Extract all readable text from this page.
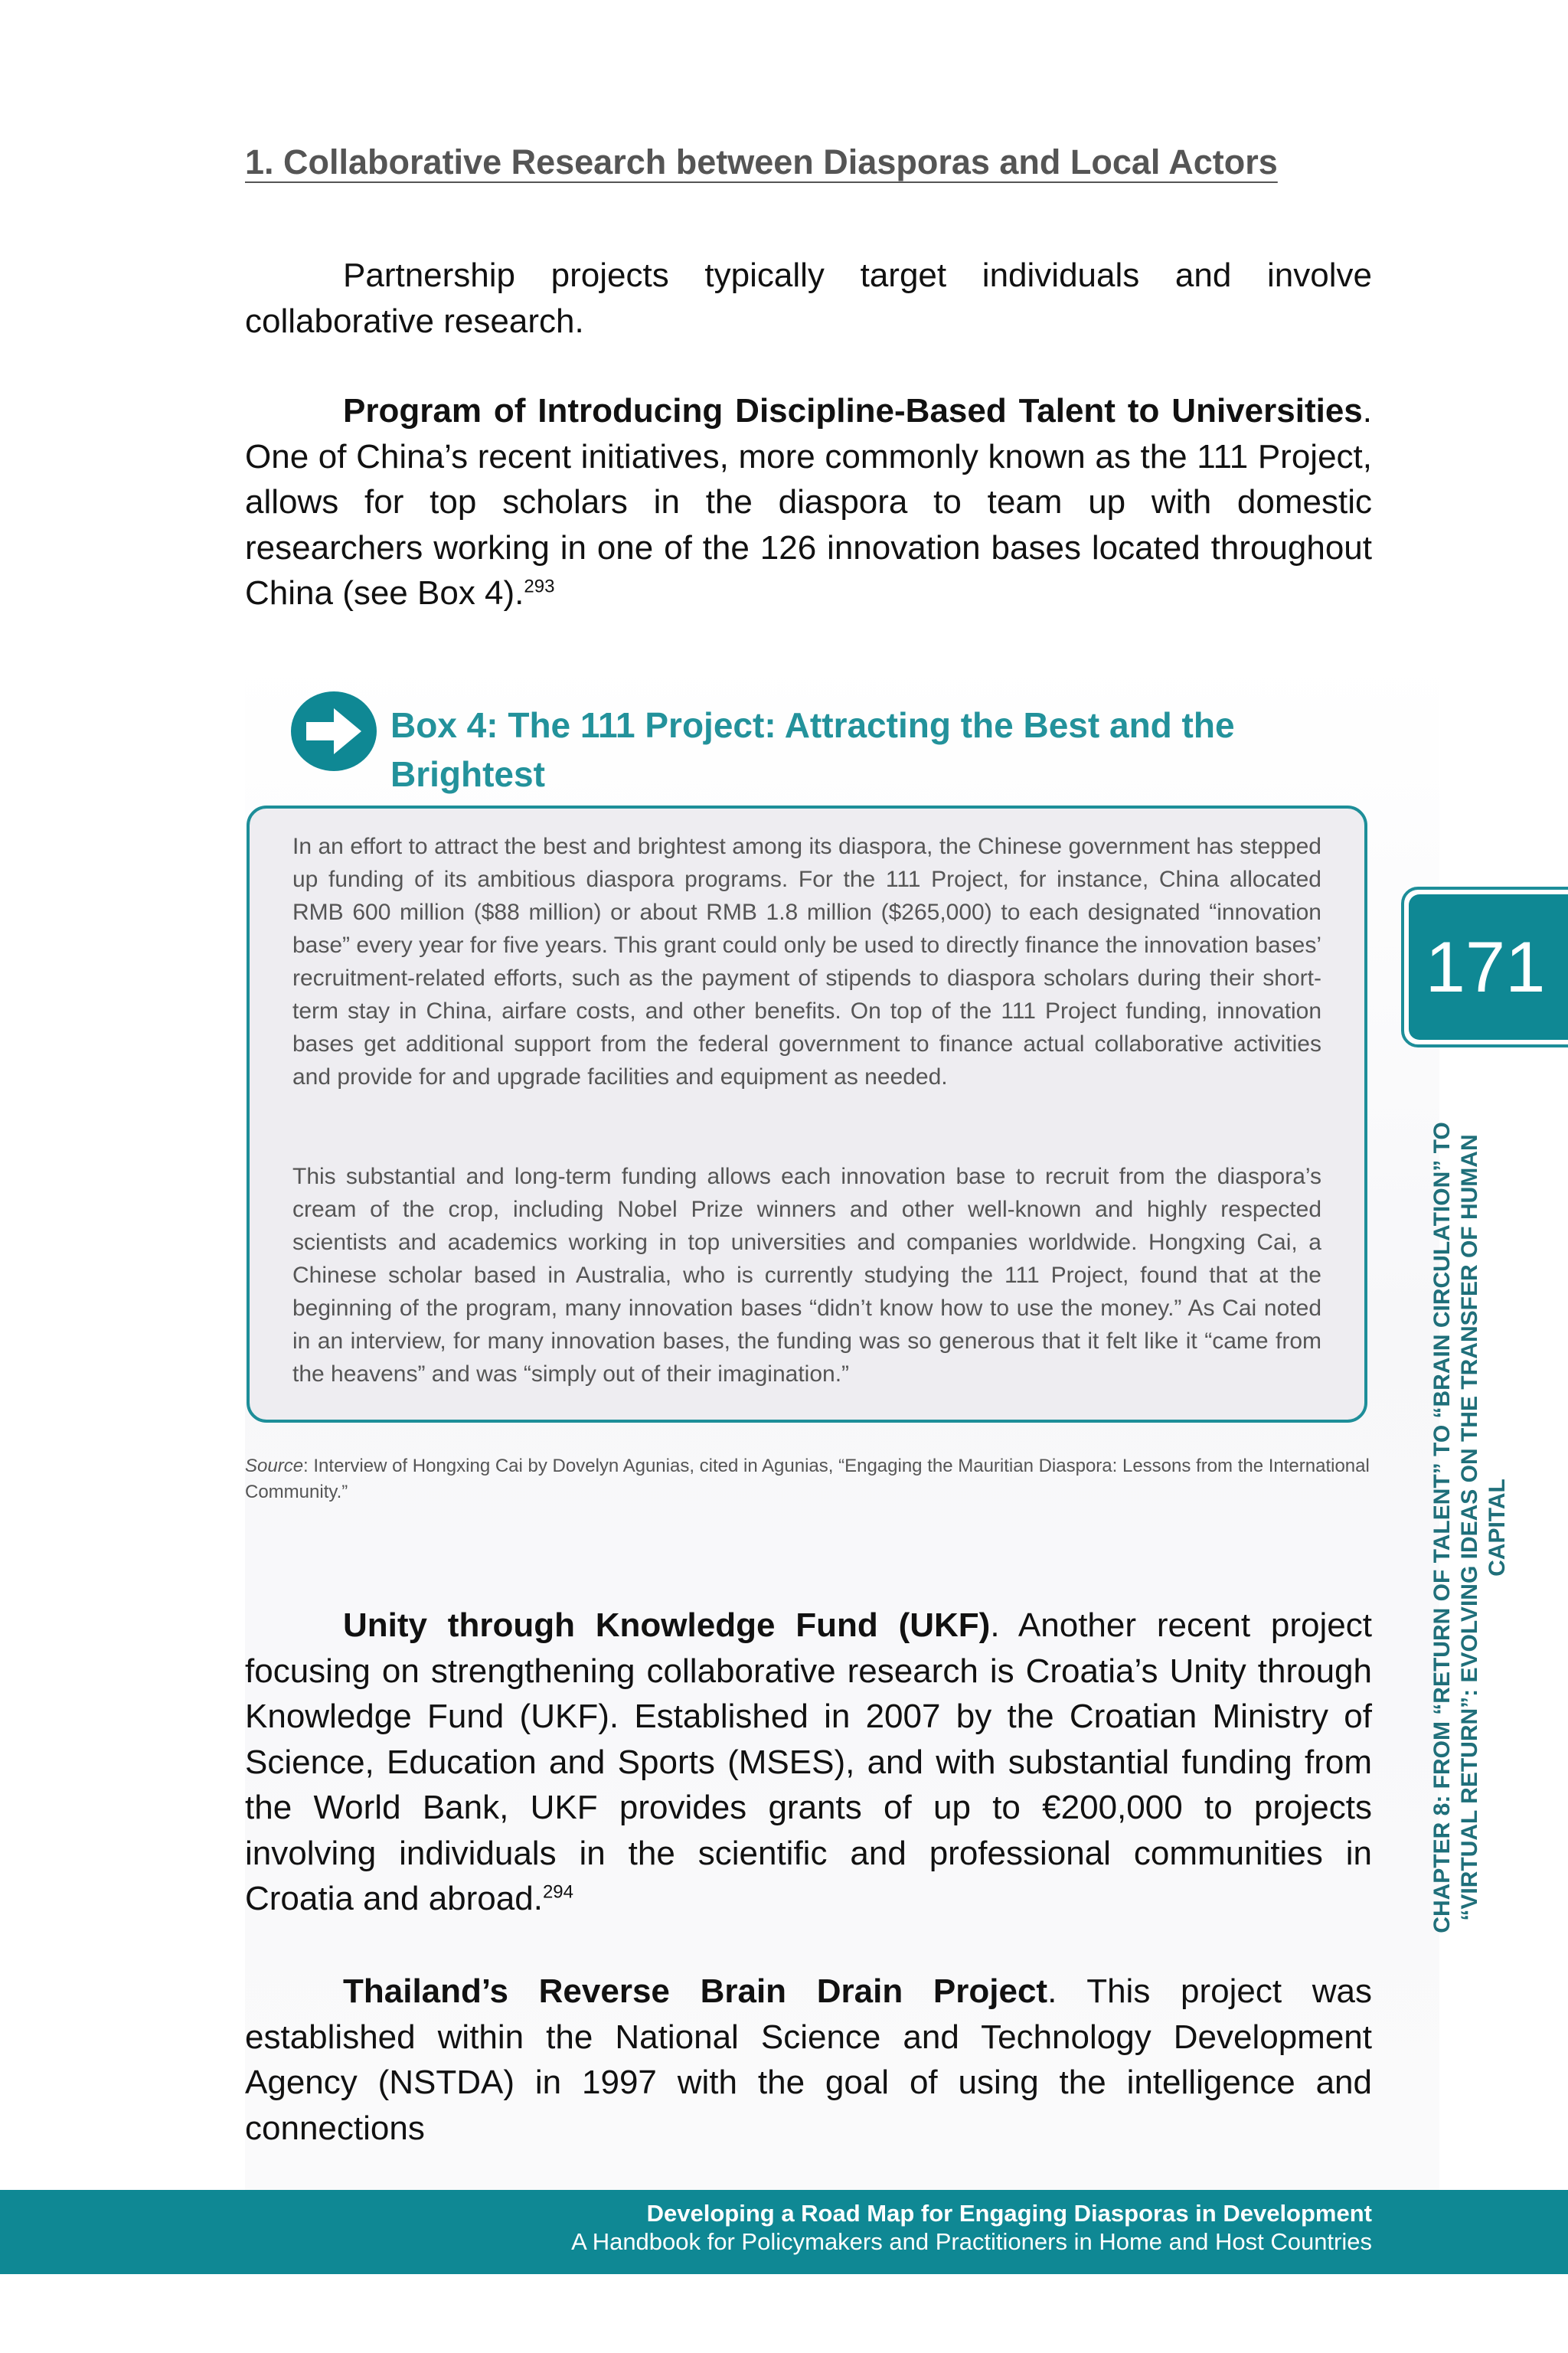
1. Collaborative Research between Diasporas and Local Actors
Partnership projects typically target individuals and involve collaborative research.
Program of Introducing Discipline-Based Talent to Universities. One of China’s recent initiatives, more commonly known as the 111 Project, allows for top scholars in the diaspora to team up with domestic researchers working in one of the 126 innovation bases located throughout China (see Box 4).$^{293}$
Box 4: The 111 Project: Attracting the Best and the Brightest
In an effort to attract the best and brightest among its diaspora, the Chinese government has stepped up funding of its ambitious diaspora programs. For the 111 Project, for instance, China allocated RMB 600 million ($88 million) or about RMB 1.8 million ($265,000) to each designated “innovation base” every year for five years. This grant could only be used to directly finance the innovation bases’ recruitment-related efforts, such as the payment of stipends to diaspora scholars during their short-term stay in China, airfare costs, and other benefits. On top of the 111 Project funding, innovation bases get additional support from the federal government to finance actual collaborative activities and provide for and upgrade facilities and equipment as needed.
This substantial and long-term funding allows each innovation base to recruit from the diaspora’s cream of the crop, including Nobel Prize winners and other well-known and highly respected scientists and academics working in top universities and companies worldwide. Hongxing Cai, a Chinese scholar based in Australia, who is currently studying the 111 Project, found that at the beginning of the program, many innovation bases “didn’t know how to use the money.” As Cai noted in an interview, for many innovation bases, the funding was so generous that it felt like it “came from the heavens” and was “simply out of their imagination.”
Source: Interview of Hongxing Cai by Dovelyn Agunias, cited in Agunias, “Engaging the Mauritian Diaspora: Lessons from the International Community.”
Unity through Knowledge Fund (UKF). Another recent project focusing on strengthening collaborative research is Croatia’s Unity through Knowledge Fund (UKF). Established in 2007 by the Croatian Ministry of Science, Education and Sports (MSES), and with substantial funding from the World Bank, UKF provides grants of up to €200,000 to projects involving individuals in the scientific and professional communities in Croatia and abroad.$^{294}$
Thailand’s Reverse Brain Drain Project. This project was established within the National Science and Technology Development Agency (NSTDA) in 1997 with the goal of using the intelligence and connections
171
CHAPTER 8: FROM “RETURN OF TALENT” TO “BRAIN CIRCULATION” TO “VIRTUAL RETURN”: EVOLVING IDEAS ON THE TRANSFER OF HUMAN CAPITAL
Developing a Road Map for Engaging Diasporas in Development
A Handbook for Policymakers and Practitioners in Home and Host Countries
